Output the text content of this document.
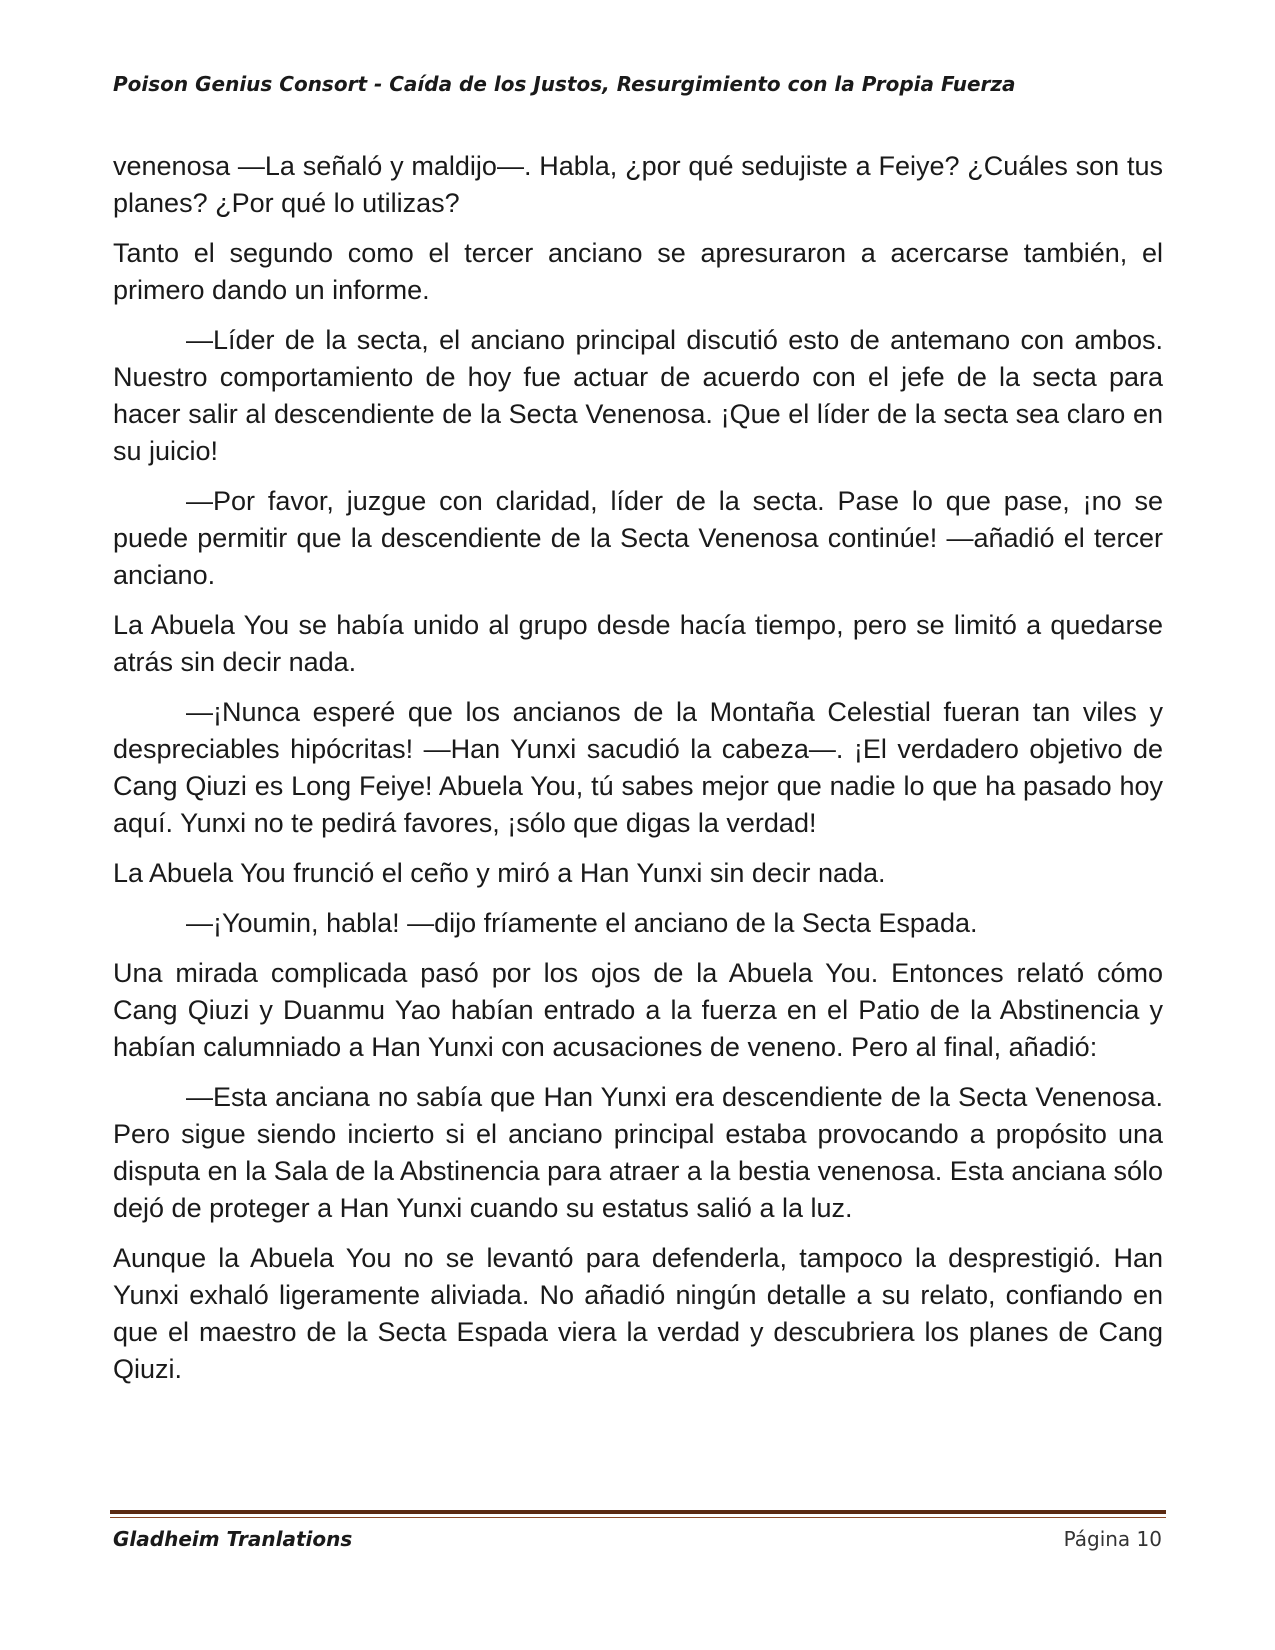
Poison Genius Consort - Caída de los Justos, Resurgimiento con la Propia Fuerza

venenosa —La señaló y maldijo—. Habla, ¿por qué sedujiste a Feiye? ¿Cuáles son tus planes? ¿Por qué lo utilizas?

Tanto el segundo como el tercer anciano se apresuraron a acercarse también, el primero dando un informe.

—Líder de la secta, el anciano principal discutió esto de antemano con ambos. Nuestro comportamiento de hoy fue actuar de acuerdo con el jefe de la secta para hacer salir al descendiente de la Secta Venenosa. ¡Que el líder de la secta sea claro en su juicio!

—Por favor, juzgue con claridad, líder de la secta. Pase lo que pase, ¡no se puede permitir que la descendiente de la Secta Venenosa continúe! —añadió el tercer anciano.

La Abuela You se había unido al grupo desde hacía tiempo, pero se limitó a quedarse atrás sin decir nada.

—¡Nunca esperé que los ancianos de la Montaña Celestial fueran tan viles y despreciables hipócritas! —Han Yunxi sacudió la cabeza—. ¡El verdadero objetivo de Cang Qiuzi es Long Feiye! Abuela You, tú sabes mejor que nadie lo que ha pasado hoy aquí. Yunxi no te pedirá favores, ¡sólo que digas la verdad!

La Abuela You frunció el ceño y miró a Han Yunxi sin decir nada.

—¡Youmin, habla! —dijo fríamente el anciano de la Secta Espada.

Una mirada complicada pasó por los ojos de la Abuela You. Entonces relató cómo Cang Qiuzi y Duanmu Yao habían entrado a la fuerza en el Patio de la Abstinencia y habían calumniado a Han Yunxi con acusaciones de veneno. Pero al final, añadió:

—Esta anciana no sabía que Han Yunxi era descendiente de la Secta Venenosa. Pero sigue siendo incierto si el anciano principal estaba provocando a propósito una disputa en la Sala de la Abstinencia para atraer a la bestia venenosa. Esta anciana sólo dejó de proteger a Han Yunxi cuando su estatus salió a la luz.

Aunque la Abuela You no se levantó para defenderla, tampoco la desprestigió. Han Yunxi exhaló ligeramente aliviada. No añadió ningún detalle a su relato, confiando en que el maestro de la Secta Espada viera la verdad y descubriera los planes de Cang Qiuzi.

Gladheim Tranlations	Página 10
